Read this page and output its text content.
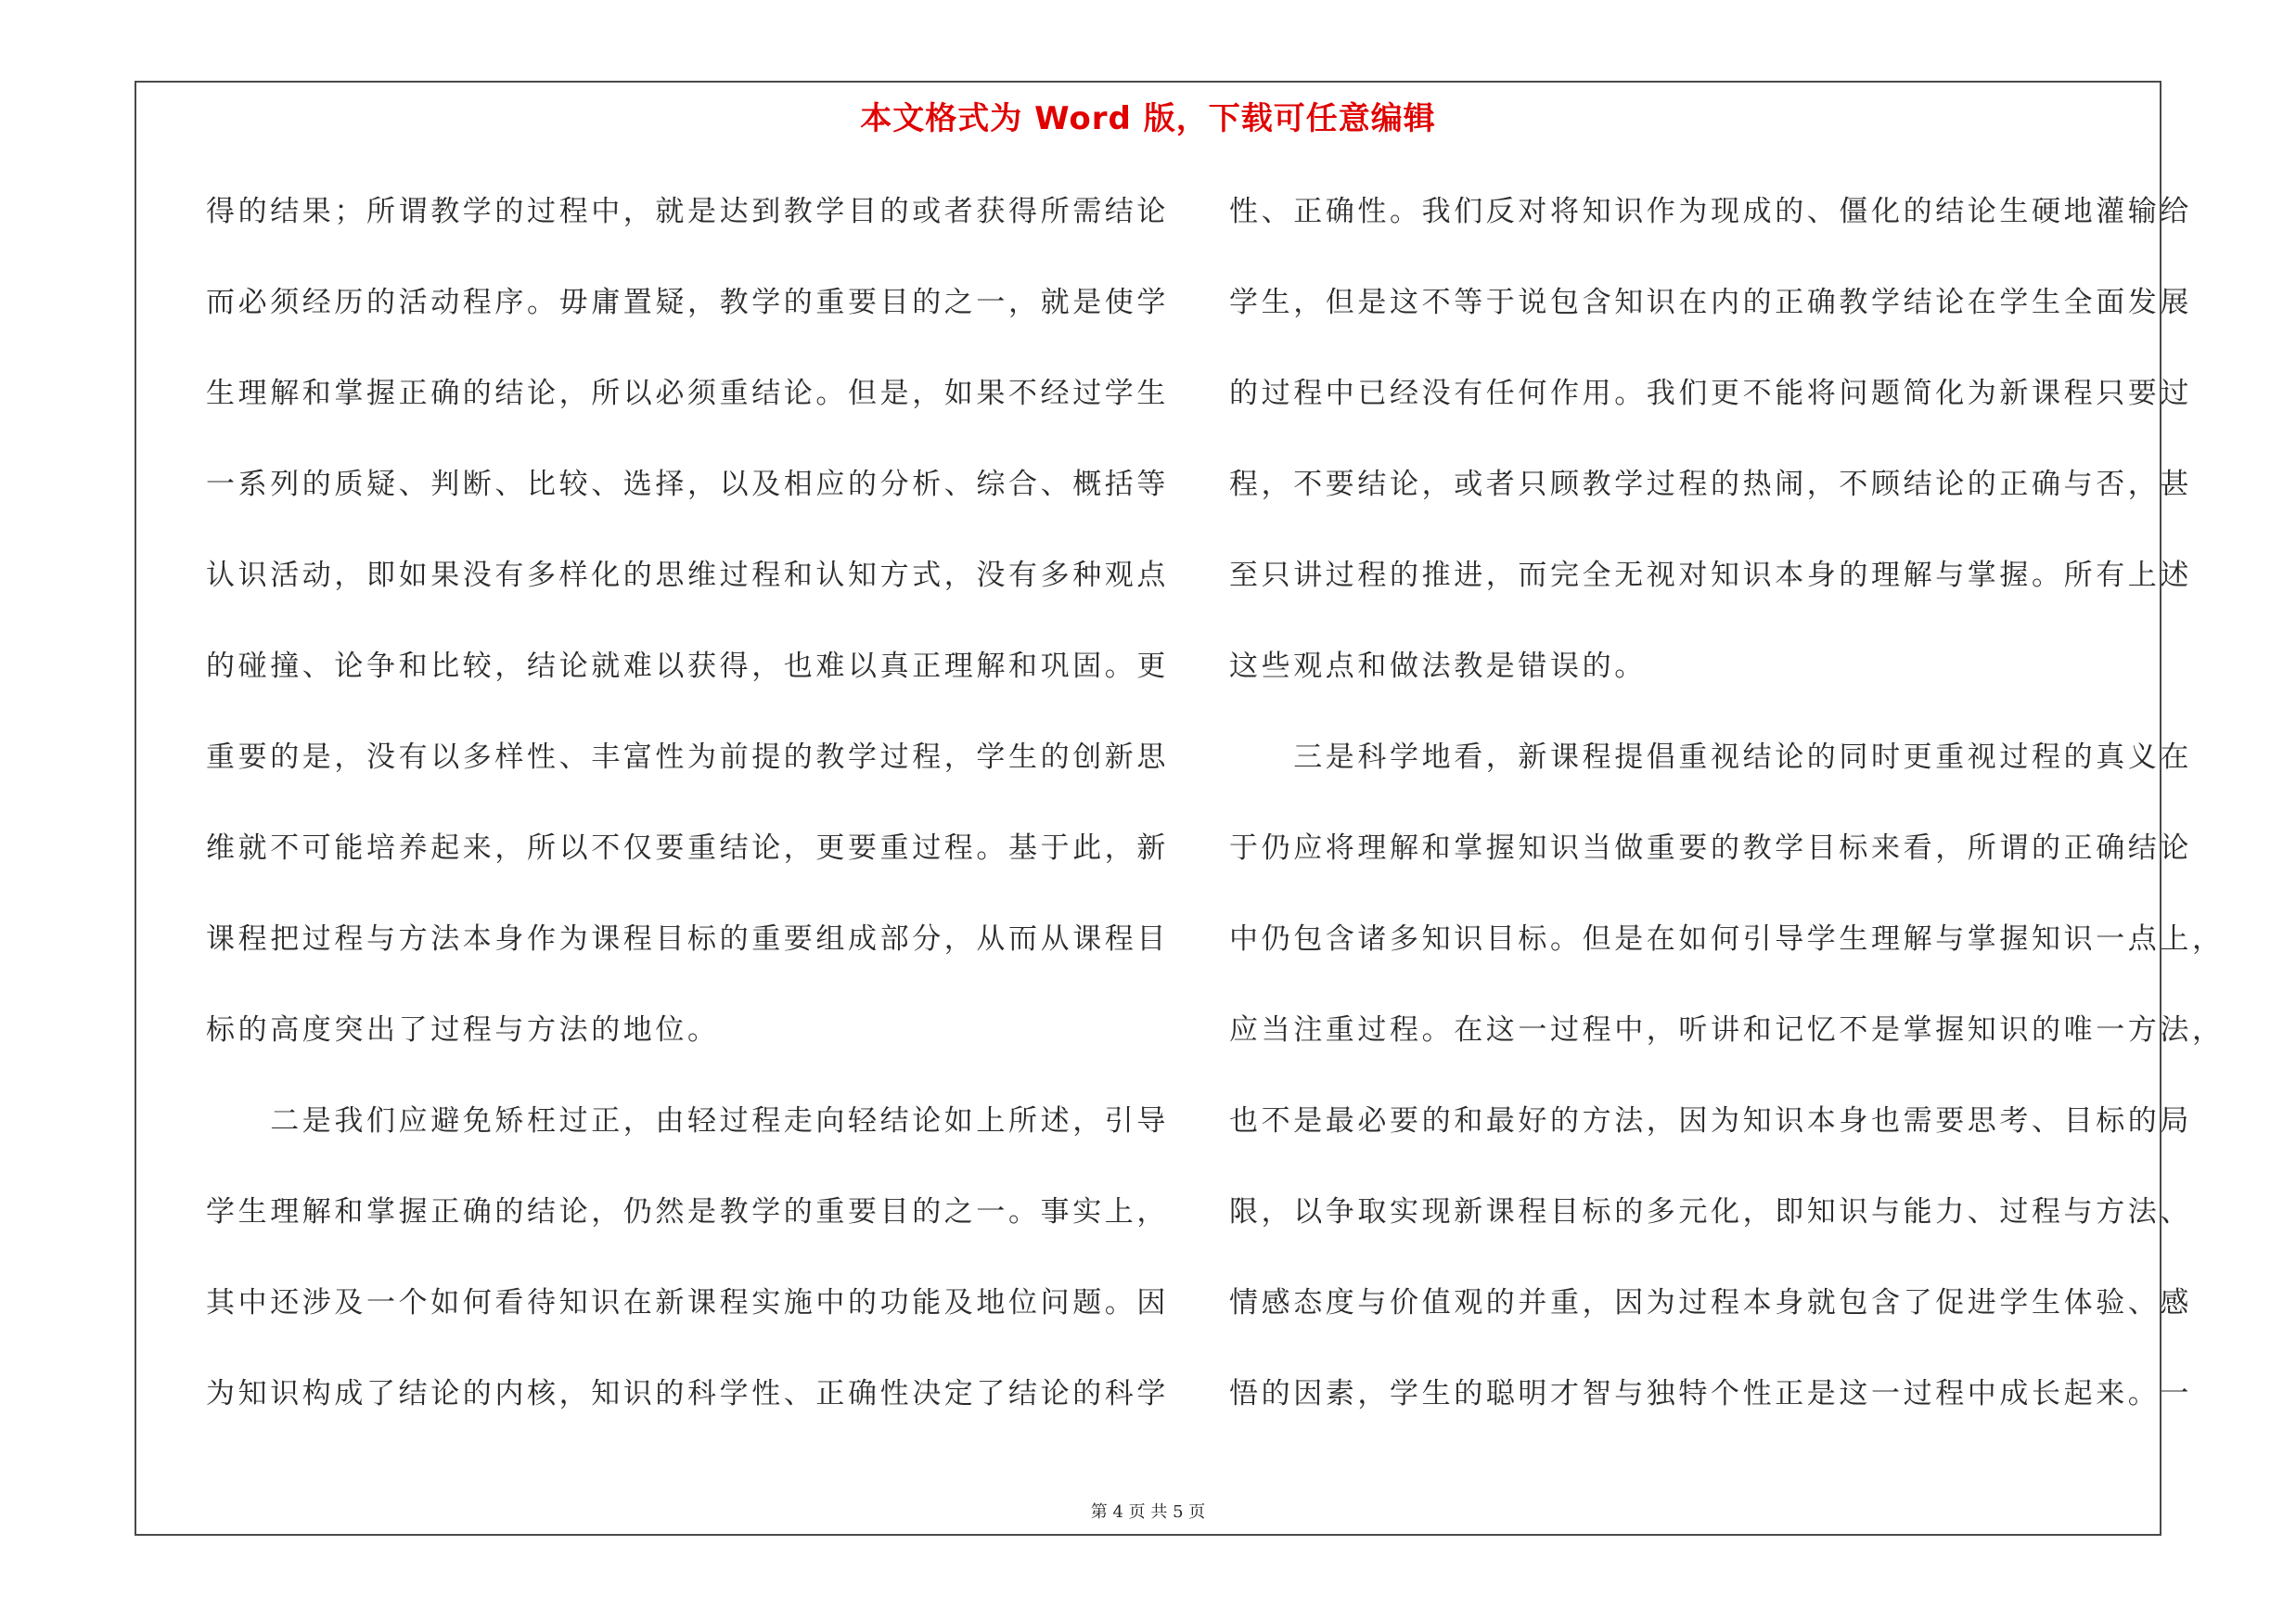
本文格式为 Word 版，下载可任意编辑
得的结果；所谓教学的过程中，就是达到教学目的或者获得所需结论
而必须经历的活动程序。毋庸置疑，教学的重要目的之一，就是使学
生理解和掌握正确的结论，所以必须重结论。但是，如果不经过学生
一系列的质疑、判断、比较、选择，以及相应的分析、综合、概括等
认识活动，即如果没有多样化的思维过程和认知方式，没有多种观点
的碰撞、论争和比较，结论就难以获得，也难以真正理解和巩固。更
重要的是，没有以多样性、丰富性为前提的教学过程，学生的创新思
维就不可能培养起来，所以不仅要重结论，更要重过程。基于此，新
课程把过程与方法本身作为课程目标的重要组成部分，从而从课程目
标的高度突出了过程与方法的地位。
　　二是我们应避免矫枉过正，由轻过程走向轻结论如上所述，引导
学生理解和掌握正确的结论，仍然是教学的重要目的之一。事实上，
其中还涉及一个如何看待知识在新课程实施中的功能及地位问题。因
为知识构成了结论的内核，知识的科学性、正确性决定了结论的科学
性、正确性。我们反对将知识作为现成的、僵化的结论生硬地灌输给
学生，但是这不等于说包含知识在内的正确教学结论在学生全面发展
的过程中已经没有任何作用。我们更不能将问题简化为新课程只要过
程，不要结论，或者只顾教学过程的热闹，不顾结论的正确与否，甚
至只讲过程的推进，而完全无视对知识本身的理解与掌握。所有上述
这些观点和做法教是错误的。
　　三是科学地看，新课程提倡重视结论的同时更重视过程的真义在
于仍应将理解和掌握知识当做重要的教学目标来看，所谓的正确结论
中仍包含诸多知识目标。但是在如何引导学生理解与掌握知识一点上，
应当注重过程。在这一过程中，听讲和记忆不是掌握知识的唯一方法，
也不是最必要的和最好的方法，因为知识本身也需要思考、目标的局
限，以争取实现新课程目标的多元化，即知识与能力、过程与方法、
情感态度与价值观的并重，因为过程本身就包含了促进学生体验、感
悟的因素，学生的聪明才智与独特个性正是这一过程中成长起来。一
第 4 页 共 5 页
